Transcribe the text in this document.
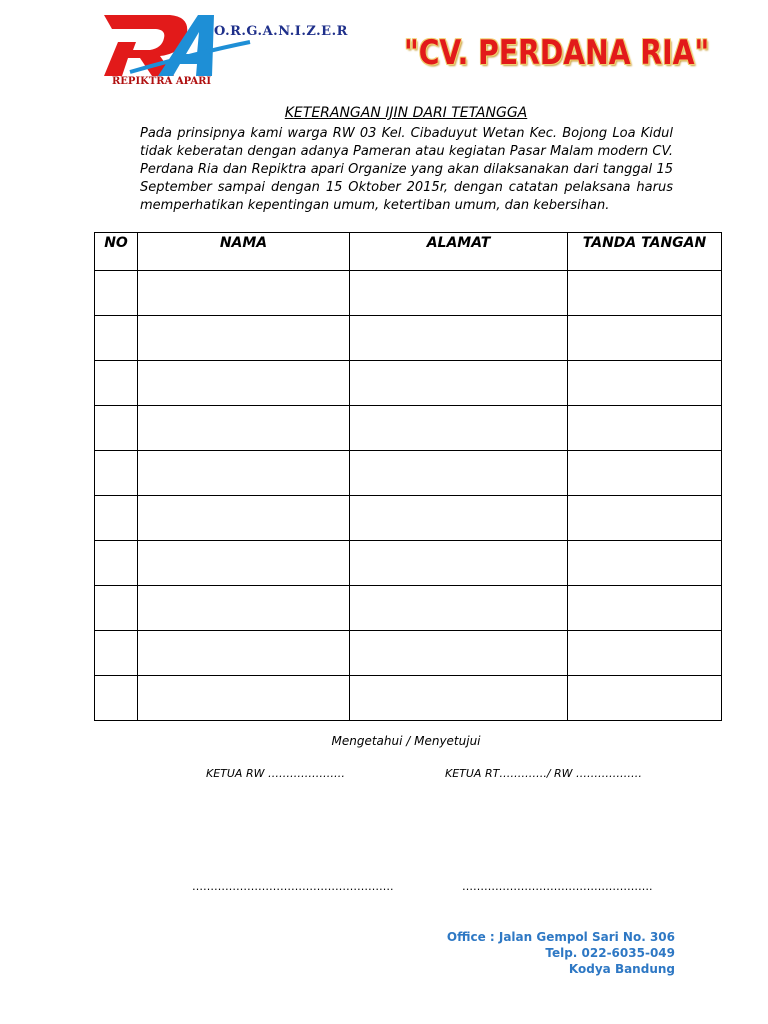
O.R.G.A.N.I.Z.E.R
REPIKTRA APARI
"CV. PERDANA RIA"
KETERANGAN IJIN DARI TETANGGA
Pada prinsipnya kami warga RW 03 Kel. Cibaduyut Wetan Kec. Bojong Loa Kidul tidak keberatan dengan adanya Pameran atau kegiatan Pasar Malam modern CV. Perdana Ria dan Repiktra apari Organize yang akan dilaksanakan dari tanggal 15 September sampai dengan 15 Oktober 2015r, dengan catatan pelaksana harus memperhatikan kepentingan umum, ketertiban umum, dan kebersihan.
NO	NAMA	ALAMAT	TANDA TANGAN

Mengetahui / Menyetujui
KETUA RW …………………	KETUA RT…………./ RW ………………
……………………………………………….	…………………………………………….
Office : Jalan Gempol Sari No. 306
Telp. 022-6035-049
Kodya Bandung
